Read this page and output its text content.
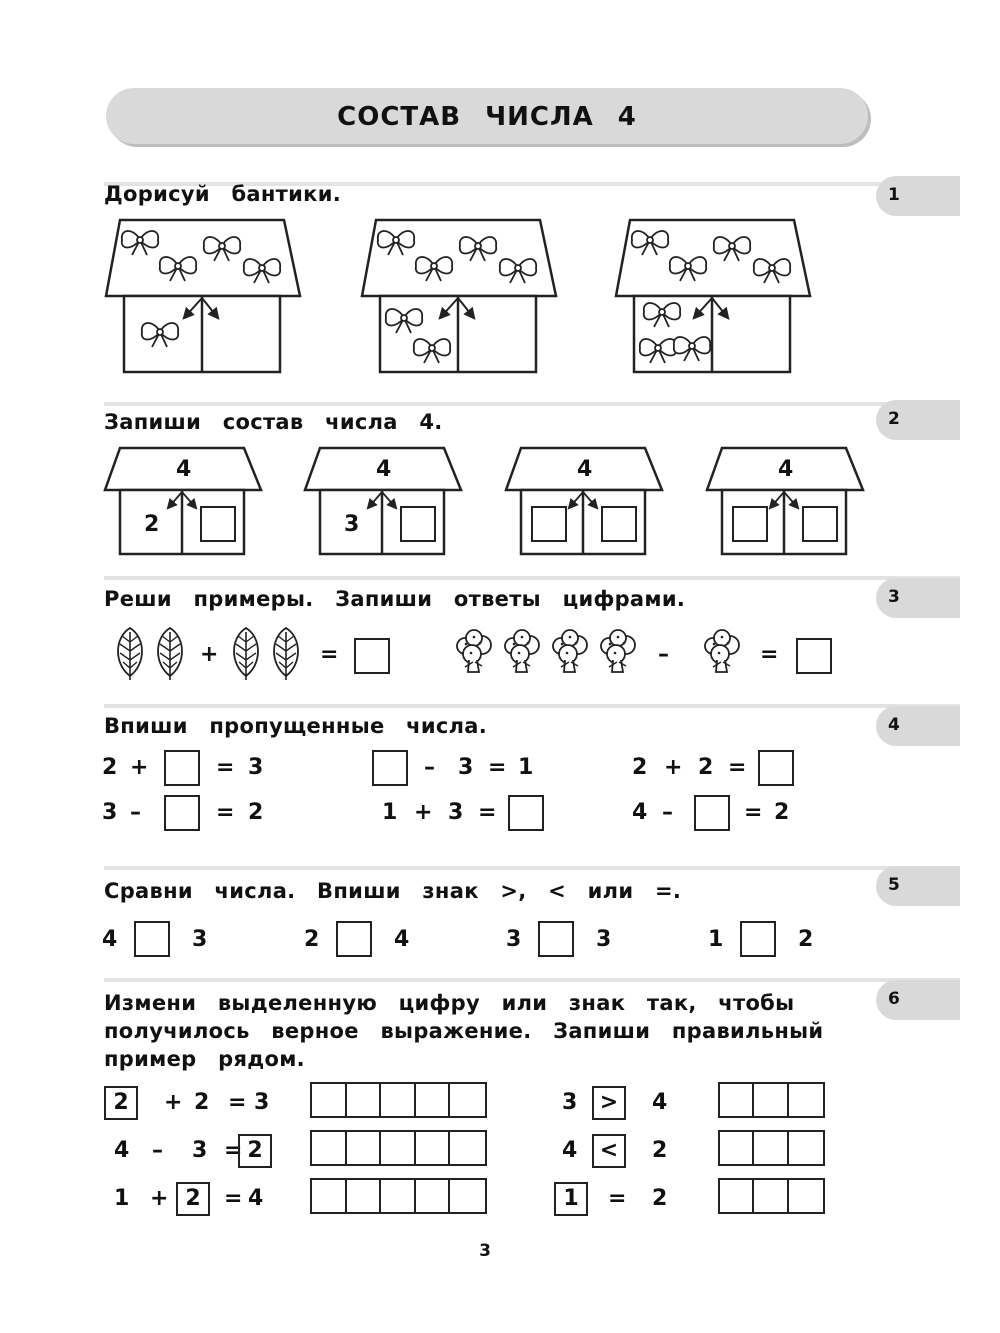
СОСТАВ ЧИСЛА 4
1
Дорисуй бантики.
2
Запиши состав числа 4.
4
2
4
3
4	4
3
Реши примеры. Запиши ответы цифрами.
+	=	–	=
4
Впиши пропущенные числа.
2 +	= 3	– 3 = 1	2 + 2 =
3 –	= 2	1 + 3 =	4 –	= 2
5
Сравни числа. Впиши знак >, < или =.
4	3	2	4	3	3	1	2
6
Измени выделенную цифру или знак так, чтобы
получилось верное выражение. Запиши правильный
пример рядом.
2	+ 2 = 3
4 – 3 = 2
1 + 2	= 4
3	>	4
4	<	2
1	= 2
3
